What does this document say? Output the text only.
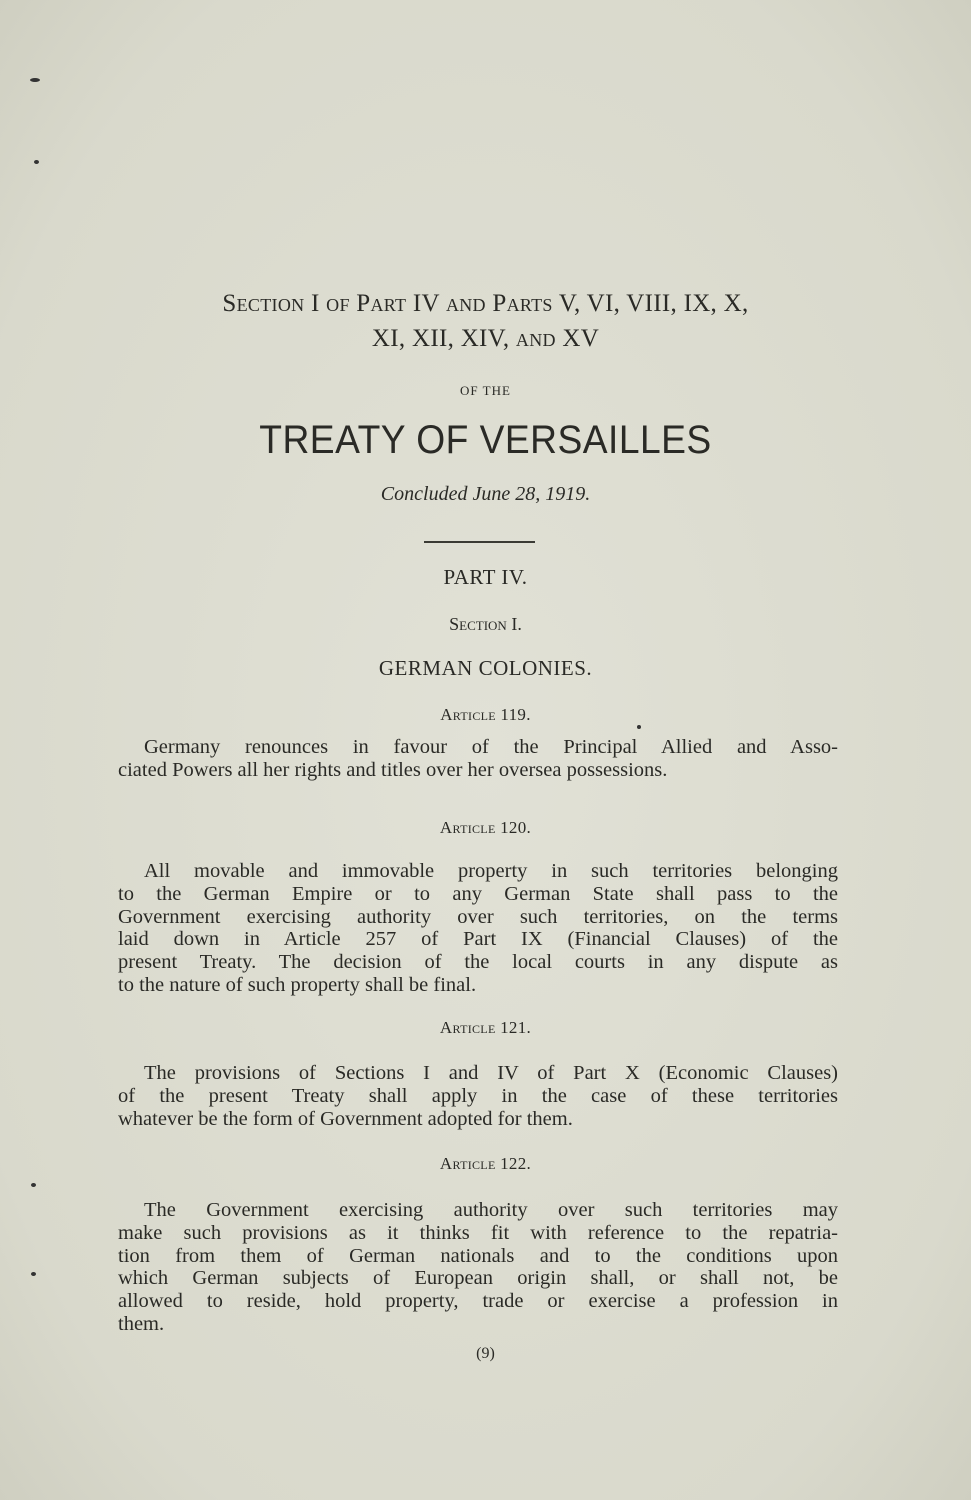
Section I of Part IV and Parts V, VI, VIII, IX, X,
XI, XII, XIV, and XV
OF THE
TREATY OF VERSAILLES
Concluded June 28, 1919.
PART IV.
Section I.
GERMAN COLONIES.
Article 119.
Germany renounces in favour of the Principal Allied and Asso-
ciated Powers all her rights and titles over her oversea possessions.
Article 120.
All movable and immovable property in such territories belonging
to the German Empire or to any German State shall pass to the
Government exercising authority over such territories, on the terms
laid down in Article 257 of Part IX (Financial Clauses) of the
present Treaty. The decision of the local courts in any dispute as
to the nature of such property shall be final.
Article 121.
The provisions of Sections I and IV of Part X (Economic Clauses)
of the present Treaty shall apply in the case of these territories
whatever be the form of Government adopted for them.
Article 122.
The Government exercising authority over such territories may
make such provisions as it thinks fit with reference to the repatria-
tion from them of German nationals and to the conditions upon
which German subjects of European origin shall, or shall not, be
allowed to reside, hold property, trade or exercise a profession in
them.
(9)
